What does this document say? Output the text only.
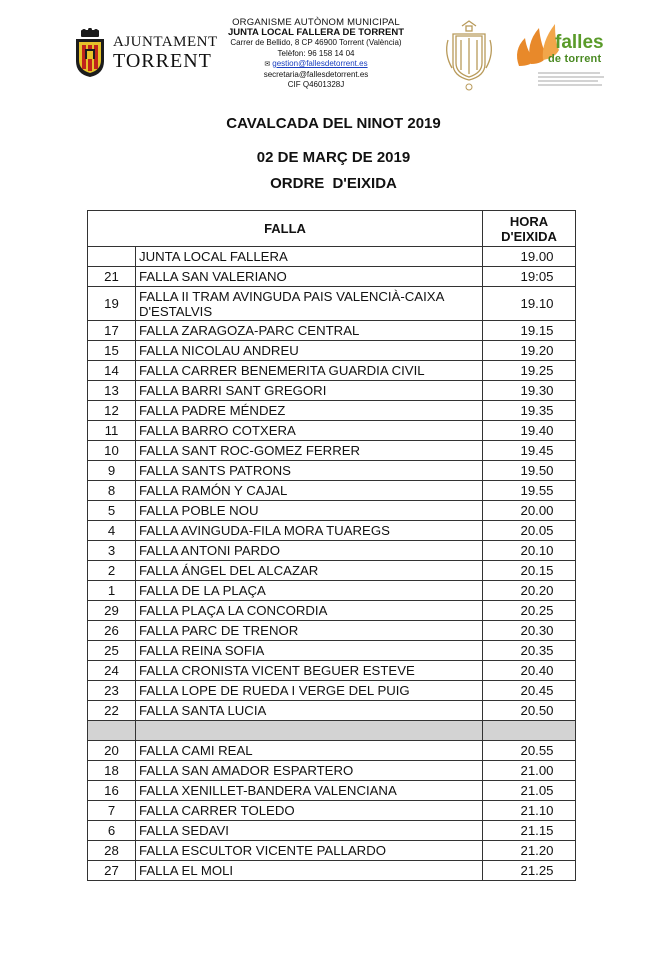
AJUNTAMENT
TORRENT
ORGANISME AUTÒNOM MUNICIPAL
JUNTA LOCAL FALLERA DE TORRENT
Carrer de Bellido, 8 CP 46900 Torrent (València)
Telèfon: 96 158 14 04
✉ gestion@fallesdetorrent.es
secretaria@fallesdetorrent.es
CIF Q4601328J
falles
de torrent
CAVALCADA DEL NINOT 2019
02 DE MARÇ DE 2019
ORDRE D'EIXIDA
FALLA		HORA
D'EIXIDA

	JUNTA LOCAL FALLERA	19.00
21	FALLA SAN VALERIANO	19:05
19	FALLA II TRAM AVINGUDA PAIS VALENCIÀ-CAIXA D'ESTALVIS	19.10
17	FALLA ZARAGOZA-PARC CENTRAL	19.15
15	FALLA NICOLAU ANDREU	19.20
14	FALLA CARRER BENEMERITA GUARDIA CIVIL	19.25
13	FALLA BARRI SANT GREGORI	19.30
12	FALLA PADRE MÉNDEZ	19.35
11	FALLA BARRO COTXERA	19.40
10	FALLA SANT ROC-GOMEZ FERRER	19.45
9	FALLA SANTS PATRONS	19.50
8	FALLA RAMÓN Y CAJAL	19.55
5	FALLA POBLE NOU	20.00
4	FALLA AVINGUDA-FILA MORA TUAREGS	20.05
3	FALLA ANTONI PARDO	20.10
2	FALLA ÁNGEL DEL ALCAZAR	20.15
1	FALLA DE LA PLAÇA	20.20
29	FALLA PLAÇA LA CONCORDIA	20.25
26	FALLA PARC DE TRENOR	20.30
25	FALLA REINA SOFIA	20.35
24	FALLA CRONISTA VICENT BEGUER ESTEVE	20.40
23	FALLA LOPE DE RUEDA I VERGE DEL PUIG	20.45
22	FALLA SANTA LUCIA	20.50

20	FALLA CAMI REAL	20.55
18	FALLA SAN AMADOR ESPARTERO	21.00
16	FALLA XENILLET-BANDERA VALENCIANA	21.05
7	FALLA CARRER TOLEDO	21.10
6	FALLA SEDAVI	21.15
28	FALLA ESCULTOR VICENTE PALLARDO	21.20
27	FALLA EL MOLI	21.25
